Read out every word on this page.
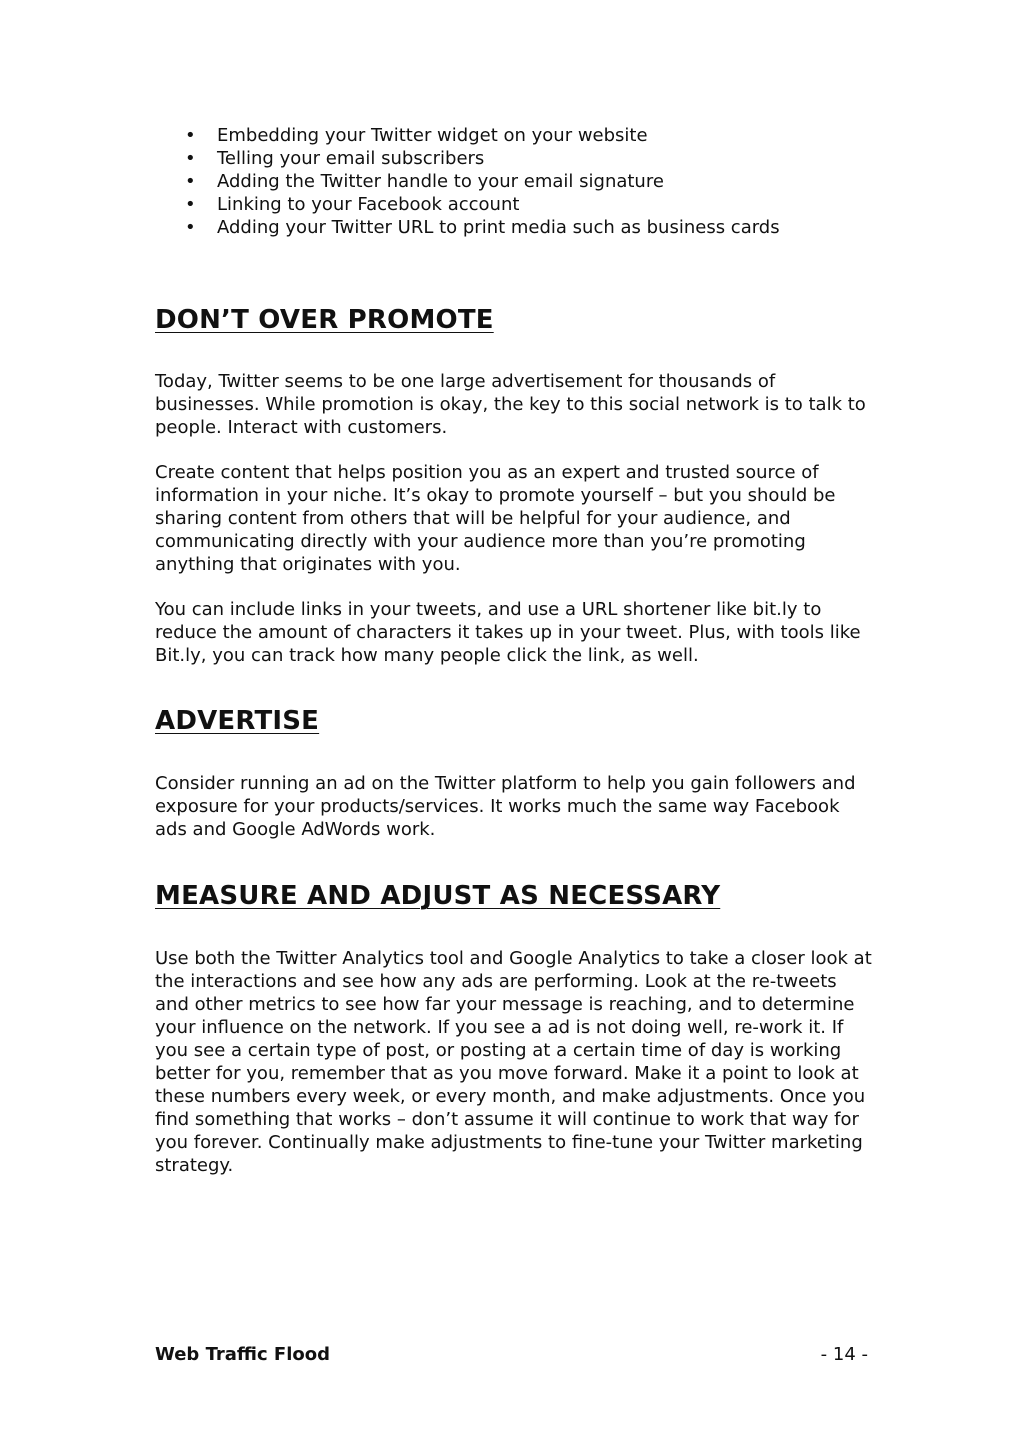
• Embedding your Twitter widget on your website
• Telling your email subscribers
• Adding the Twitter handle to your email signature
• Linking to your Facebook account
• Adding your Twitter URL to print media such as business cards
DON’T OVER PROMOTE

Today, Twitter seems to be one large advertisement for thousands of businesses. While promotion is okay, the key to this social network is to talk to people. Interact with customers.

Create content that helps position you as an expert and trusted source of information in your niche. It’s okay to promote yourself – but you should be sharing content from others that will be helpful for your audience, and communicating directly with your audience more than you’re promoting anything that originates with you.

You can include links in your tweets, and use a URL shortener like bit.ly to reduce the amount of characters it takes up in your tweet. Plus, with tools like Bit.ly, you can track how many people click the link, as well.

ADVERTISE

Consider running an ad on the Twitter platform to help you gain followers and exposure for your products/services. It works much the same way Facebook ads and Google AdWords work.

MEASURE AND ADJUST AS NECESSARY

Use both the Twitter Analytics tool and Google Analytics to take a closer look at the interactions and see how any ads are performing. Look at the re-tweets and other metrics to see how far your message is reaching, and to determine your influence on the network. If you see a ad is not doing well, re-work it. If you see a certain type of post, or posting at a certain time of day is working better for you, remember that as you move forward. Make it a point to look at these numbers every week, or every month, and make adjustments. Once you find something that works – don’t assume it will continue to work that way for you forever. Continually make adjustments to fine-tune your Twitter marketing strategy.

Web Traffic Flood	- 14 -
